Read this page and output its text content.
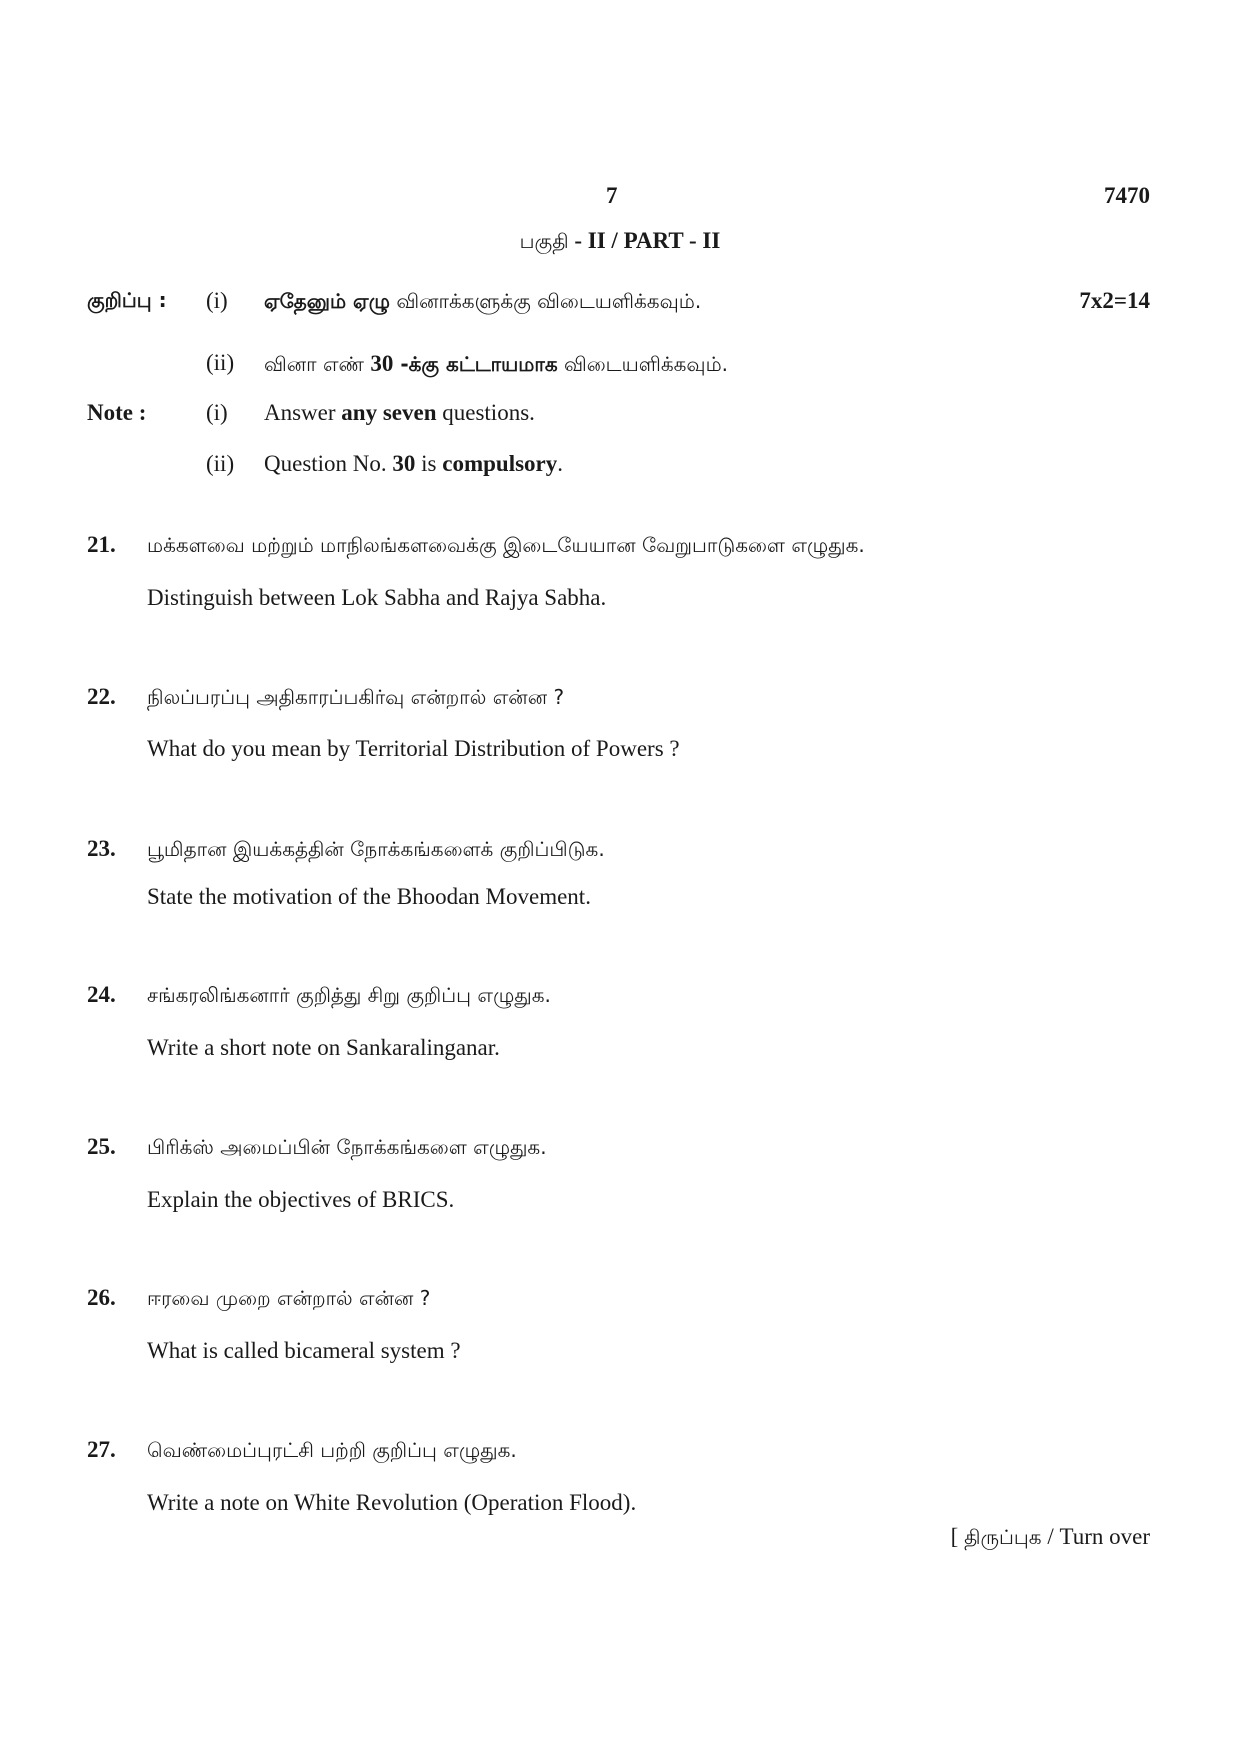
7	7470
பகுதி - II / PART - II
குறிப்பு : (i) ஏதேனும் ஏழு வினாக்களுக்கு விடையளிக்கவும்.	7x2=14
(ii) வினா எண் 30 -க்கு கட்டாயமாக விடையளிக்கவும்.
Note :	(i) Answer any seven questions.
(ii) Question No. 30 is compulsory.
21. மக்களவை மற்றும் மாநிலங்களவைக்கு இடையேயான வேறுபாடுகளை எழுதுக.
Distinguish between Lok Sabha and Rajya Sabha.
22. நிலப்பரப்பு அதிகாரப்பகிர்வு என்றால் என்ன ?
What do you mean by Territorial Distribution of Powers ?
23. பூமிதான இயக்கத்தின் நோக்கங்களைக் குறிப்பிடுக.
State the motivation of the Bhoodan Movement.
24. சங்கரலிங்கனார் குறித்து சிறு குறிப்பு எழுதுக.
Write a short note on Sankaralinganar.
25. பிரிக்ஸ் அமைப்பின் நோக்கங்களை எழுதுக.
Explain the objectives of BRICS.
26. ஈரவை முறை என்றால் என்ன ?
What is called bicameral system ?
27. வெண்மைப்புரட்சி பற்றி குறிப்பு எழுதுக.
Write a note on White Revolution (Operation Flood).
[ திருப்புக / Turn over
